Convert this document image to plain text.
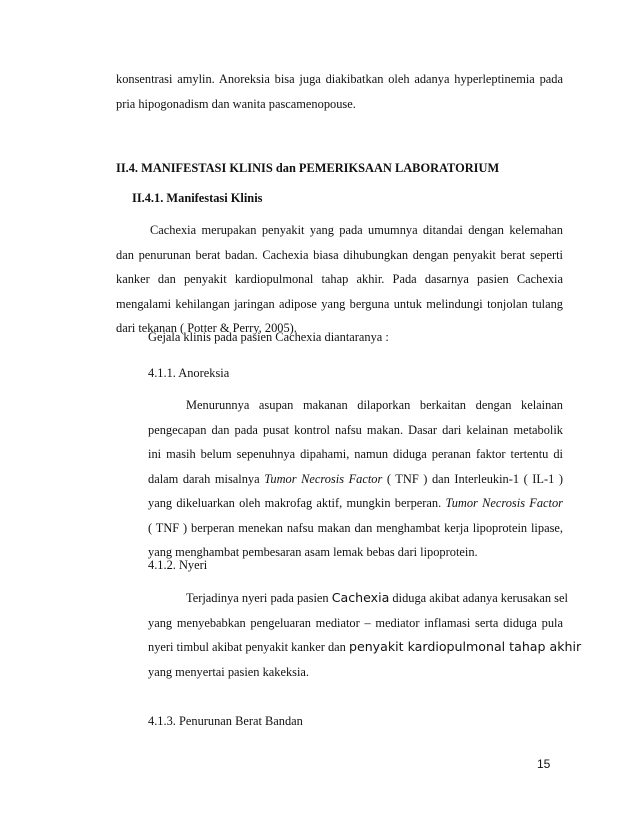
konsentrasi amylin. Anoreksia bisa juga diakibatkan oleh adanya hyperleptinemia pada
pria hipogonadism dan wanita pascamenopouse.
II.4. MANIFESTASI KLINIS dan PEMERIKSAAN LABORATORIUM
II.4.1. Manifestasi Klinis
Cachexia merupakan penyakit yang pada umumnya ditandai dengan kelemahan
dan penurunan berat badan. Cachexia biasa dihubungkan dengan penyakit berat seperti
kanker dan penyakit kardiopulmonal tahap akhir. Pada dasarnya pasien Cachexia
mengalami kehilangan jaringan adipose yang berguna untuk melindungi tonjolan tulang
dari tekanan ( Potter & Perry, 2005).
Gejala klinis pada pasien Cachexia diantaranya :
4.1.1. Anoreksia
Menurunnya asupan makanan dilaporkan berkaitan dengan kelainan
pengecapan dan pada pusat kontrol nafsu makan. Dasar dari kelainan metabolik
ini masih belum sepenuhnya dipahami, namun diduga peranan faktor tertentu di
dalam darah misalnya Tumor Necrosis Factor ( TNF ) dan Interleukin-1 ( IL-1 )
yang dikeluarkan oleh makrofag aktif, mungkin berperan. Tumor Necrosis Factor
( TNF ) berperan menekan nafsu makan dan menghambat kerja lipoprotein lipase,
yang menghambat pembesaran asam lemak bebas dari lipoprotein.
4.1.2. Nyeri
Terjadinya nyeri pada pasien Cachexia diduga akibat adanya kerusakan sel
yang menyebabkan pengeluaran mediator – mediator inflamasi serta diduga pula
nyeri timbul akibat penyakit kanker dan penyakit kardiopulmonal tahap akhir
yang menyertai pasien kakeksia.
4.1.3. Penurunan Berat Bandan
15
